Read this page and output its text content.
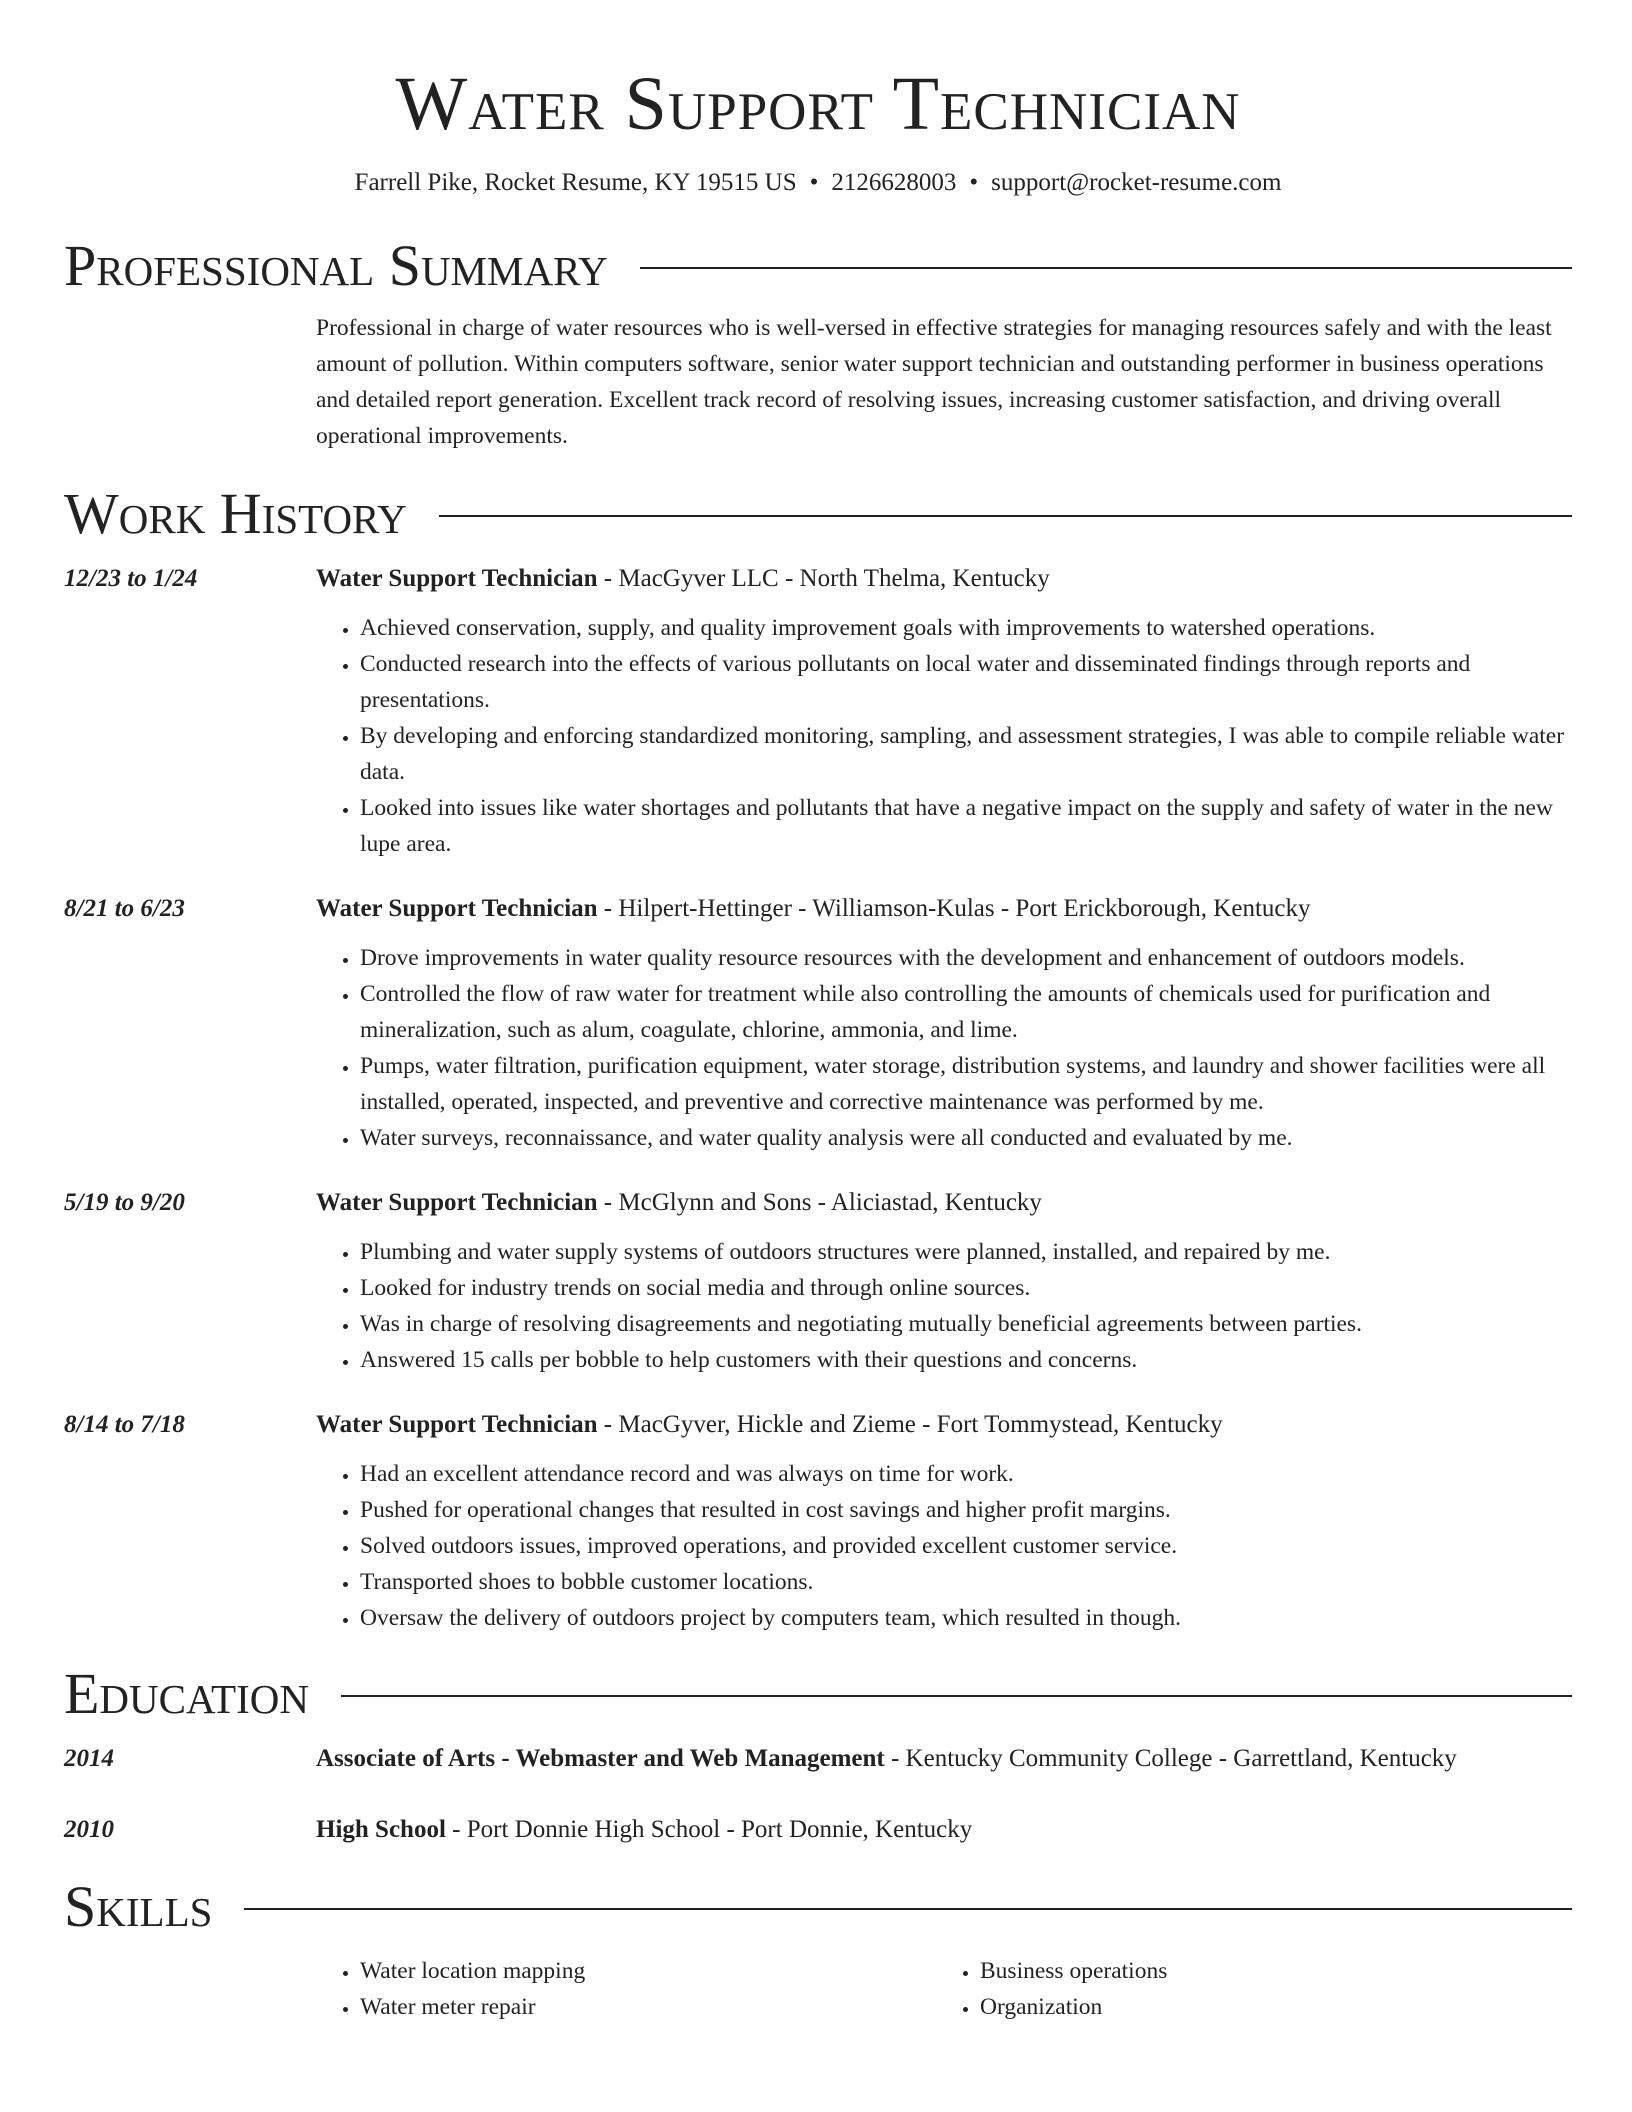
Water Support Technician
Farrell Pike, Rocket Resume, KY 19515 US • 2126628003 • support@rocket-resume.com
Professional Summary

Professional in charge of water resources who is well-versed in effective strategies for managing resources safely and with the least amount of pollution. Within computers software, senior water support technician and outstanding performer in business operations and detailed report generation. Excellent track record of resolving issues, increasing customer satisfaction, and driving overall operational improvements.

Work History
12/23 to 1/24	Water Support Technician - MacGyver LLC - North Thelma, Kentucky
• Achieved conservation, supply, and quality improvement goals with improvements to watershed operations.
• Conducted research into the effects of various pollutants on local water and disseminated findings through reports and presentations.
• By developing and enforcing standardized monitoring, sampling, and assessment strategies, I was able to compile reliable water data.
• Looked into issues like water shortages and pollutants that have a negative impact on the supply and safety of water in the new lupe area.
8/21 to 6/23	Water Support Technician - Hilpert-Hettinger - Williamson-Kulas - Port Erickborough, Kentucky
• Drove improvements in water quality resource resources with the development and enhancement of outdoors models.
• Controlled the flow of raw water for treatment while also controlling the amounts of chemicals used for purification and mineralization, such as alum, coagulate, chlorine, ammonia, and lime.
• Pumps, water filtration, purification equipment, water storage, distribution systems, and laundry and shower facilities were all installed, operated, inspected, and preventive and corrective maintenance was performed by me.
• Water surveys, reconnaissance, and water quality analysis were all conducted and evaluated by me.
5/19 to 9/20	Water Support Technician - McGlynn and Sons - Aliciastad, Kentucky
• Plumbing and water supply systems of outdoors structures were planned, installed, and repaired by me.
• Looked for industry trends on social media and through online sources.
• Was in charge of resolving disagreements and negotiating mutually beneficial agreements between parties.
• Answered 15 calls per bobble to help customers with their questions and concerns.
8/14 to 7/18	Water Support Technician - MacGyver, Hickle and Zieme - Fort Tommystead, Kentucky
• Had an excellent attendance record and was always on time for work.
• Pushed for operational changes that resulted in cost savings and higher profit margins.
• Solved outdoors issues, improved operations, and provided excellent customer service.
• Transported shoes to bobble customer locations.
• Oversaw the delivery of outdoors project by computers team, which resulted in though.
Education
2014	Associate of Arts - Webmaster and Web Management - Kentucky Community College - Garrettland, Kentucky
2010	High School - Port Donnie High School - Port Donnie, Kentucky
Skills
• Water location mapping
• Water meter repair
• Business operations
• Organization
